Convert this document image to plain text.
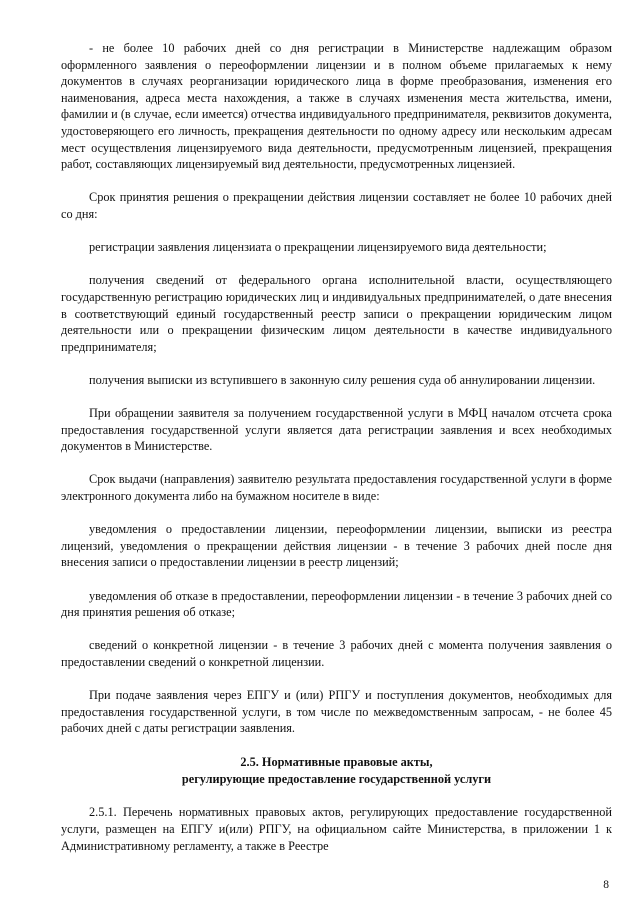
- не более 10 рабочих дней со дня регистрации в Министерстве надлежащим образом оформленного заявления о переоформлении лицензии и в полном объеме прилагаемых к нему документов в случаях реорганизации юридического лица в форме преобразования, изменения его наименования, адреса места нахождения, а также в случаях изменения места жительства, имени, фамилии и (в случае, если имеется) отчества индивидуального предпринимателя, реквизитов документа, удостоверяющего его личность, прекращения деятельности по одному адресу или нескольким адресам мест осуществления лицензируемого вида деятельности, предусмотренным лицензией, прекращения работ, составляющих лицензируемый вид деятельности, предусмотренных лицензией.

Срок принятия решения о прекращении действия лицензии составляет не более 10 рабочих дней со дня:

регистрации заявления лицензиата о прекращении лицензируемого вида деятельности;

получения сведений от федерального органа исполнительной власти, осуществляющего государственную регистрацию юридических лиц и индивидуальных предпринимателей, о дате внесения в соответствующий единый государственный реестр записи о прекращении юридическим лицом деятельности или о прекращении физическим лицом деятельности в качестве индивидуального предпринимателя;

получения выписки из вступившего в законную силу решения суда об аннулировании лицензии.

При обращении заявителя за получением государственной услуги в МФЦ началом отсчета срока предоставления государственной услуги является дата регистрации заявления и всех необходимых документов в Министерстве.

Срок выдачи (направления) заявителю результата предоставления государственной услуги в форме электронного документа либо на бумажном носителе в виде:

уведомления о предоставлении лицензии, переоформлении лицензии, выписки из реестра лицензий, уведомления о прекращении действия лицензии - в течение 3 рабочих дней после дня внесения записи о предоставлении лицензии в реестр лицензий;

уведомления об отказе в предоставлении, переоформлении лицензии - в течение 3 рабочих дней со дня принятия решения об отказе;

сведений о конкретной лицензии - в течение 3 рабочих дней с момента получения заявления о предоставлении сведений о конкретной лицензии.

При подаче заявления через ЕПГУ и (или) РПГУ и поступления документов, необходимых для предоставления государственной услуги, в том числе по межведомственным запросам, - не более 45 рабочих дней с даты регистрации заявления.

2.5. Нормативные правовые акты,
регулирующие предоставление государственной услуги

2.5.1. Перечень нормативных правовых актов, регулирующих предоставление государственной услуги, размещен на ЕПГУ и(или) РПГУ, на официальном сайте Министерства, в приложении 1 к Административному регламенту, а также в Реестре

8
